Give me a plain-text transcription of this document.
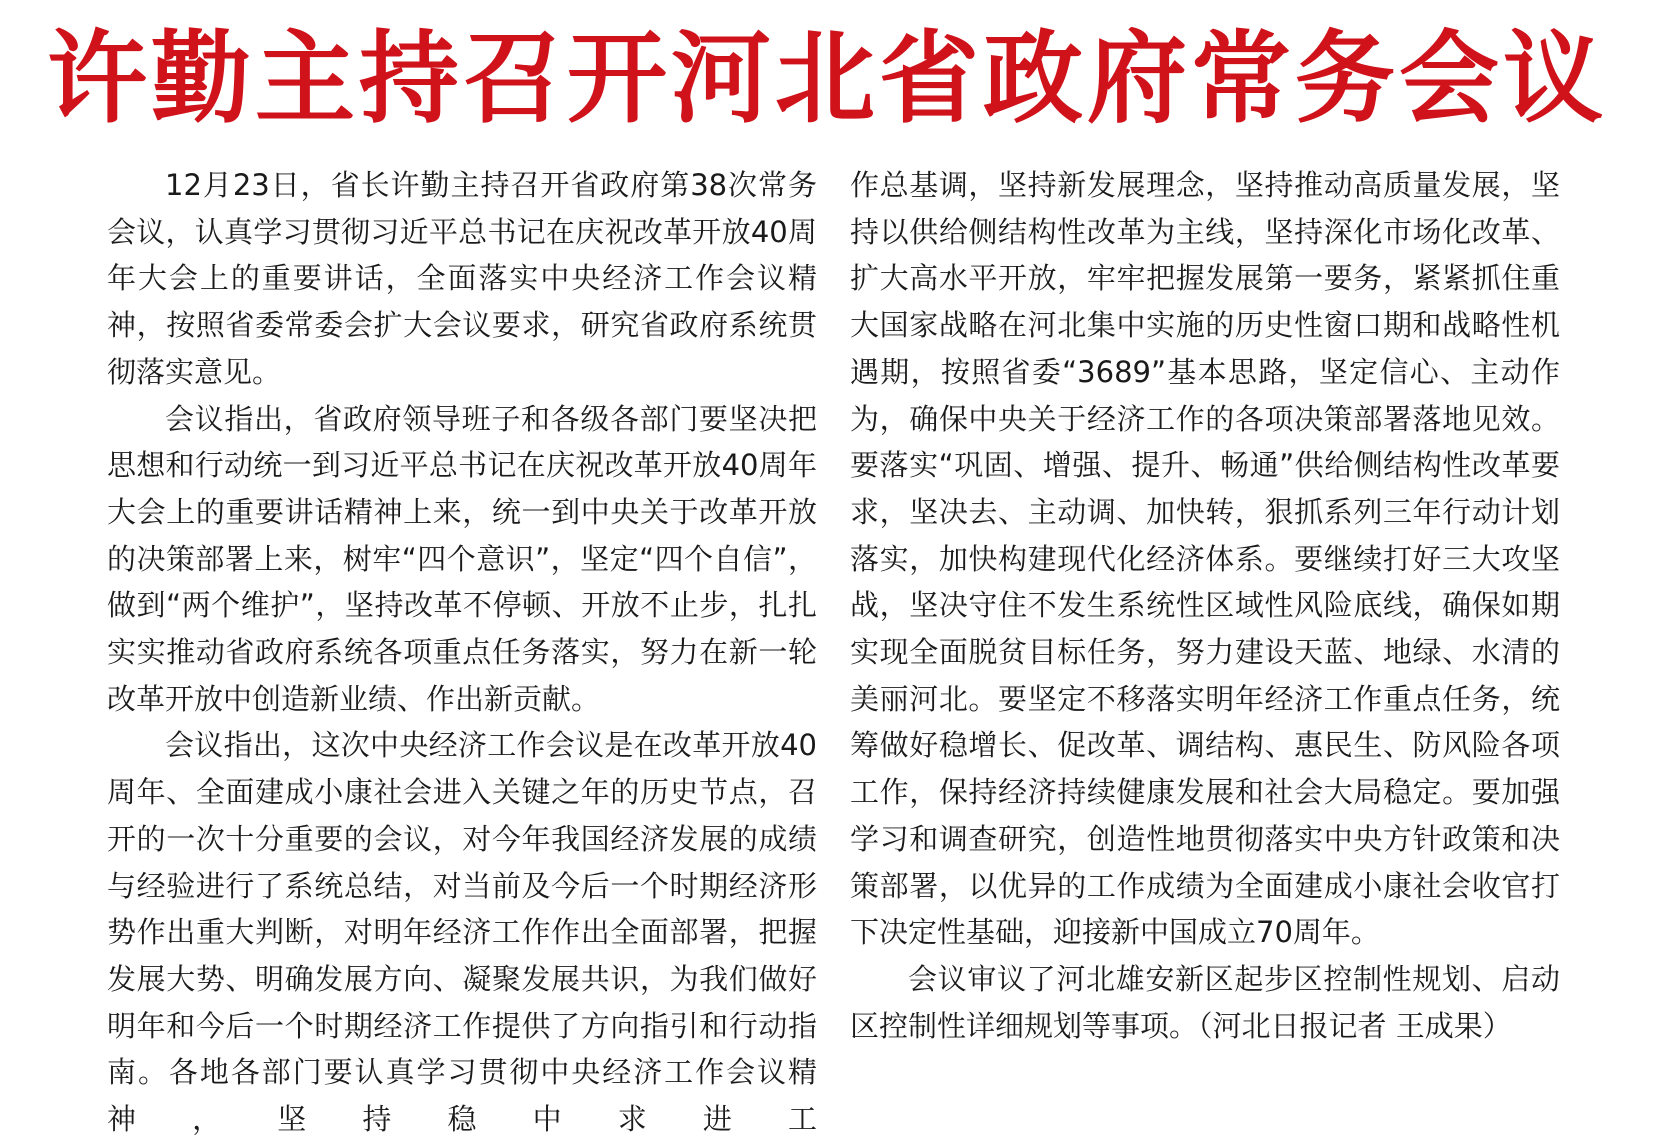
许勤主持召开河北省政府常务会议

12月23日，省长许勤主持召开省政府第38次常务会议，认真学习贯彻习近平总书记在庆祝改革开放40周年大会上的重要讲话，全面落实中央经济工作会议精神，按照省委常委会扩大会议要求，研究省政府系统贯彻落实意见。

会议指出，省政府领导班子和各级各部门要坚决把思想和行动统一到习近平总书记在庆祝改革开放40周年大会上的重要讲话精神上来，统一到中央关于改革开放的决策部署上来，树牢“四个意识”，坚定“四个自信”，做到“两个维护”，坚持改革不停顿、开放不止步，扎扎实实推动省政府系统各项重点任务落实，努力在新一轮改革开放中创造新业绩、作出新贡献。

会议指出，这次中央经济工作会议是在改革开放40周年、全面建成小康社会进入关键之年的历史节点，召开的一次十分重要的会议，对今年我国经济发展的成绩与经验进行了系统总结，对当前及今后一个时期经济形势作出重大判断，对明年经济工作作出全面部署，把握发展大势、明确发展方向、凝聚发展共识，为我们做好明年和今后一个时期经济工作提供了方向指引和行动指南。各地各部门要认真学习贯彻中央经济工作会议精神，坚持稳中求进工

作总基调，坚持新发展理念，坚持推动高质量发展，坚持以供给侧结构性改革为主线，坚持深化市场化改革、扩大高水平开放，牢牢把握发展第一要务，紧紧抓住重大国家战略在河北集中实施的历史性窗口期和战略性机遇期，按照省委“3689”基本思路，坚定信心、主动作为，确保中央关于经济工作的各项决策部署落地见效。要落实“巩固、增强、提升、畅通”供给侧结构性改革要求，坚决去、主动调、加快转，狠抓系列三年行动计划落实，加快构建现代化经济体系。要继续打好三大攻坚战，坚决守住不发生系统性区域性风险底线，确保如期实现全面脱贫目标任务，努力建设天蓝、地绿、水清的美丽河北。要坚定不移落实明年经济工作重点任务，统筹做好稳增长、促改革、调结构、惠民生、防风险各项工作，保持经济持续健康发展和社会大局稳定。要加强学习和调查研究，创造性地贯彻落实中央方针政策和决策部署，以优异的工作成绩为全面建成小康社会收官打下决定性基础，迎接新中国成立70周年。

会议审议了河北雄安新区起步区控制性规划、启动区控制性详细规划等事项。（河北日报记者 王成果）
